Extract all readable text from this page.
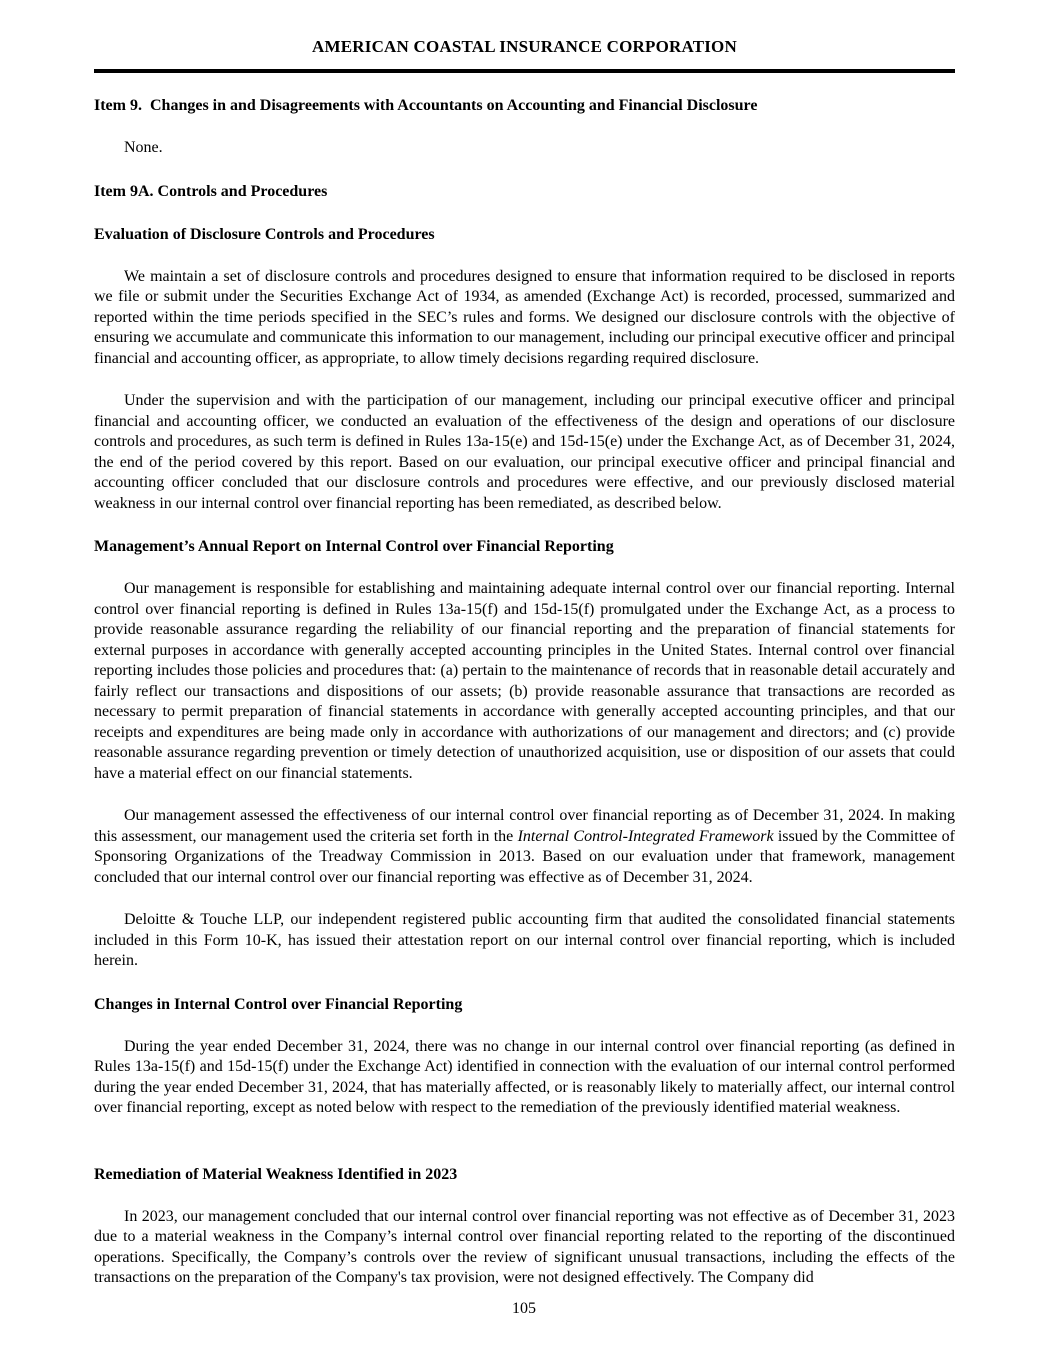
AMERICAN COASTAL INSURANCE CORPORATION
Item 9.  Changes in and Disagreements with Accountants on Accounting and Financial Disclosure

None.

Item 9A. Controls and Procedures
Evaluation of Disclosure Controls and Procedures

We maintain a set of disclosure controls and procedures designed to ensure that information required to be disclosed in reports we file or submit under the Securities Exchange Act of 1934, as amended (Exchange Act) is recorded, processed, summarized and reported within the time periods specified in the SEC’s rules and forms. We designed our disclosure controls with the objective of ensuring we accumulate and communicate this information to our management, including our principal executive officer and principal financial and accounting officer, as appropriate, to allow timely decisions regarding required disclosure.

Under the supervision and with the participation of our management, including our principal executive officer and principal financial and accounting officer, we conducted an evaluation of the effectiveness of the design and operations of our disclosure controls and procedures, as such term is defined in Rules 13a-15(e) and 15d-15(e) under the Exchange Act, as of December 31, 2024, the end of the period covered by this report. Based on our evaluation, our principal executive officer and principal financial and accounting officer concluded that our disclosure controls and procedures were effective, and our previously disclosed material weakness in our internal control over financial reporting has been remediated, as described below.

Management’s Annual Report on Internal Control over Financial Reporting

Our management is responsible for establishing and maintaining adequate internal control over our financial reporting. Internal control over financial reporting is defined in Rules 13a-15(f) and 15d-15(f) promulgated under the Exchange Act, as a process to provide reasonable assurance regarding the reliability of our financial reporting and the preparation of financial statements for external purposes in accordance with generally accepted accounting principles in the United States. Internal control over financial reporting includes those policies and procedures that: (a) pertain to the maintenance of records that in reasonable detail accurately and fairly reflect our transactions and dispositions of our assets; (b) provide reasonable assurance that transactions are recorded as necessary to permit preparation of financial statements in accordance with generally accepted accounting principles, and that our receipts and expenditures are being made only in accordance with authorizations of our management and directors; and (c) provide reasonable assurance regarding prevention or timely detection of unauthorized acquisition, use or disposition of our assets that could have a material effect on our financial statements.

Our management assessed the effectiveness of our internal control over financial reporting as of December 31, 2024. In making this assessment, our management used the criteria set forth in the Internal Control-Integrated Framework issued by the Committee of Sponsoring Organizations of the Treadway Commission in 2013. Based on our evaluation under that framework, management concluded that our internal control over our financial reporting was effective as of December 31, 2024.

Deloitte & Touche LLP, our independent registered public accounting firm that audited the consolidated financial statements included in this Form 10-K, has issued their attestation report on our internal control over financial reporting, which is included herein.

Changes in Internal Control over Financial Reporting

During the year ended December 31, 2024, there was no change in our internal control over financial reporting (as defined in Rules 13a-15(f) and 15d-15(f) under the Exchange Act) identified in connection with the evaluation of our internal control performed during the year ended December 31, 2024, that has materially affected, or is reasonably likely to materially affect, our internal control over financial reporting, except as noted below with respect to the remediation of the previously identified material weakness.

Remediation of Material Weakness Identified in 2023

In 2023, our management concluded that our internal control over financial reporting was not effective as of December 31, 2023 due to a material weakness in the Company’s internal control over financial reporting related to the reporting of the discontinued operations. Specifically, the Company’s controls over the review of significant unusual transactions, including the effects of the transactions on the preparation of the Company's tax provision, were not designed effectively. The Company did

105
